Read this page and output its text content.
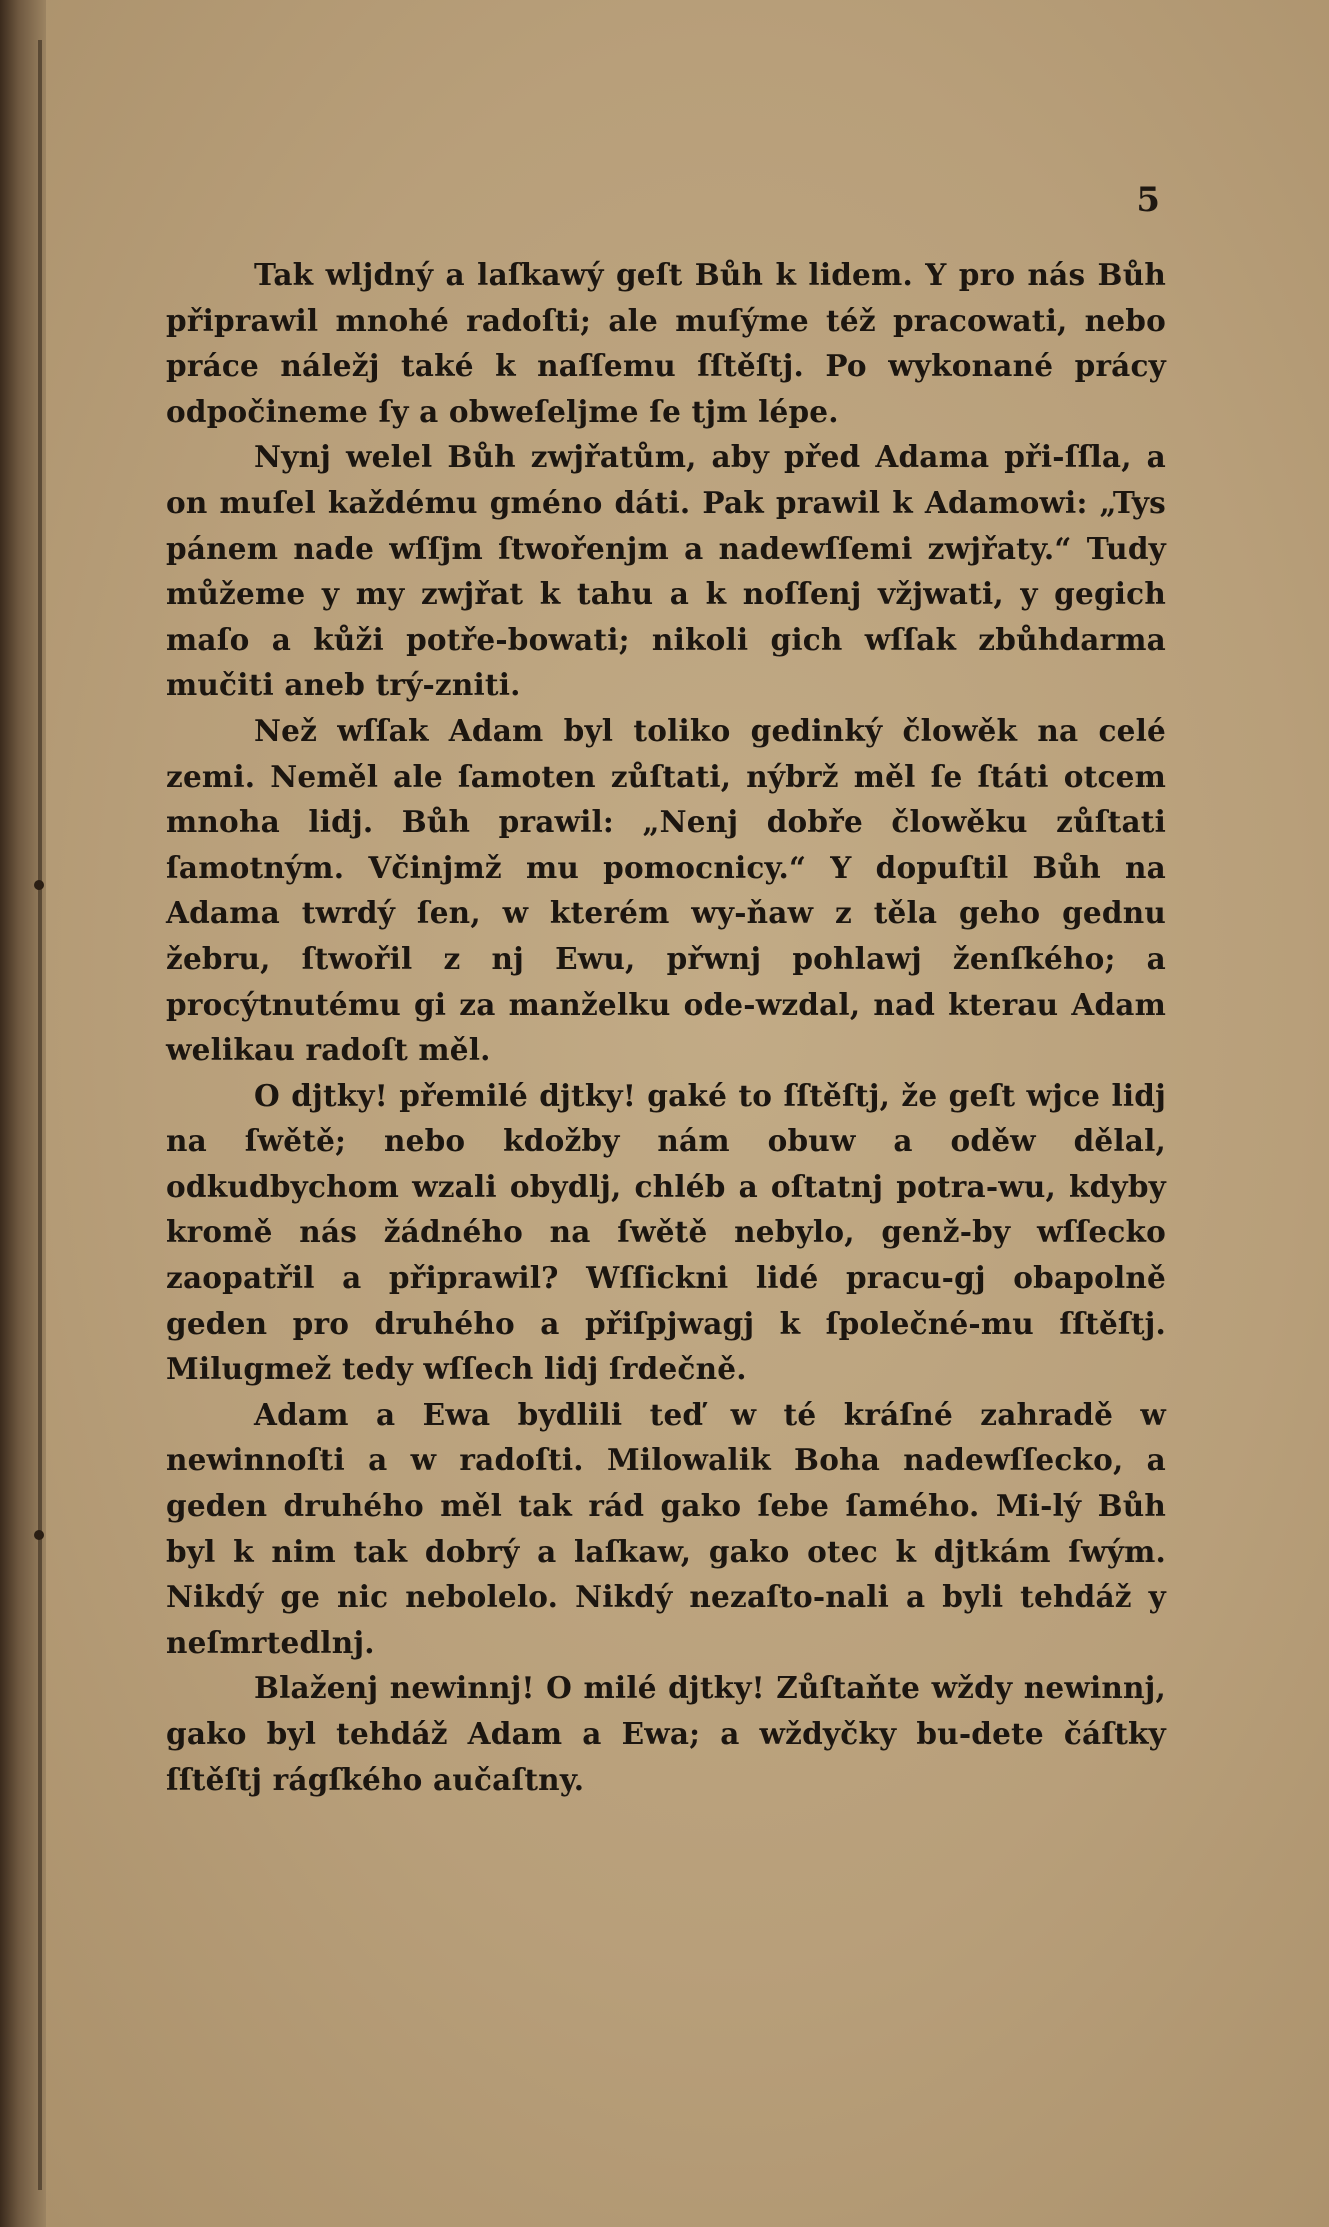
5

Tak wljdný a laſkawý geſt Bůh k lidem. Y pro nás Bůh připrawil mnohé radoſti; ale muſýme též pracowati, nebo práce náležj také k naſſemu ſſtěſtj. Po wykonané prácy odpočineme ſy a obweſeljme ſe tjm lépe.

Nynj welel Bůh zwjřatům, aby před Adama při-ſſla, a on muſel každému gméno dáti. Pak prawil k Adamowi: „Tys pánem nade wſſjm ſtwořenjm a nadewſſemi zwjřaty.“ Tudy můžeme y my zwjřat k tahu a k noſſenj vžjwati, y gegich maſo a kůži potře-bowati; nikoli gich wſſak zbůhdarma mučiti aneb trý-zniti.

Než wſſak Adam byl toliko gedinký člowěk na celé zemi. Neměl ale ſamoten zůſtati, nýbrž měl ſe ſtáti otcem mnoha lidj. Bůh prawil: „Nenj dobře člowěku zůſtati ſamotným. Včinjmž mu pomocnicy.“ Y dopuſtil Bůh na Adama twrdý ſen, w kterém wy-ňaw z těla geho gednu žebru, ſtwořil z nj Ewu, přwnj pohlawj ženſkého; a procýtnutému gi za manželku ode-wzdal, nad kterau Adam welikau radoſt měl.

O djtky! přemilé djtky! gaké to ſſtěſtj, že geſt wjce lidj na ſwětě; nebo kdožby nám obuw a oděw dělal, odkudbychom wzali obydlj, chléb a oſtatnj potra-wu, kdyby kromě nás žádného na ſwětě nebylo, genž-by wſſecko zaopatřil a připrawil? Wſſickni lidé pracu-gj obapolně geden pro druhého a přiſpjwagj k ſpolečné-mu ſſtěſtj. Milugmež tedy wſſech lidj ſrdečně.

Adam a Ewa bydlili teď w té kráſné zahradě w newinnoſti a w radoſti. Milowalik Boha nadewſſecko, a geden druhého měl tak rád gako ſebe ſamého. Mi-lý Bůh byl k nim tak dobrý a laſkaw, gako otec k djtkám ſwým. Nikdý ge nic nebolelo. Nikdý nezaſto-nali a byli tehdáž y neſmrtedlnj.

Blaženj newinnj! O milé djtky! Zůſtaňte wždy newinnj, gako byl tehdáž Adam a Ewa; a wždyčky bu-dete čáſtky ſſtěſtj rágſkého aučaſtny.
